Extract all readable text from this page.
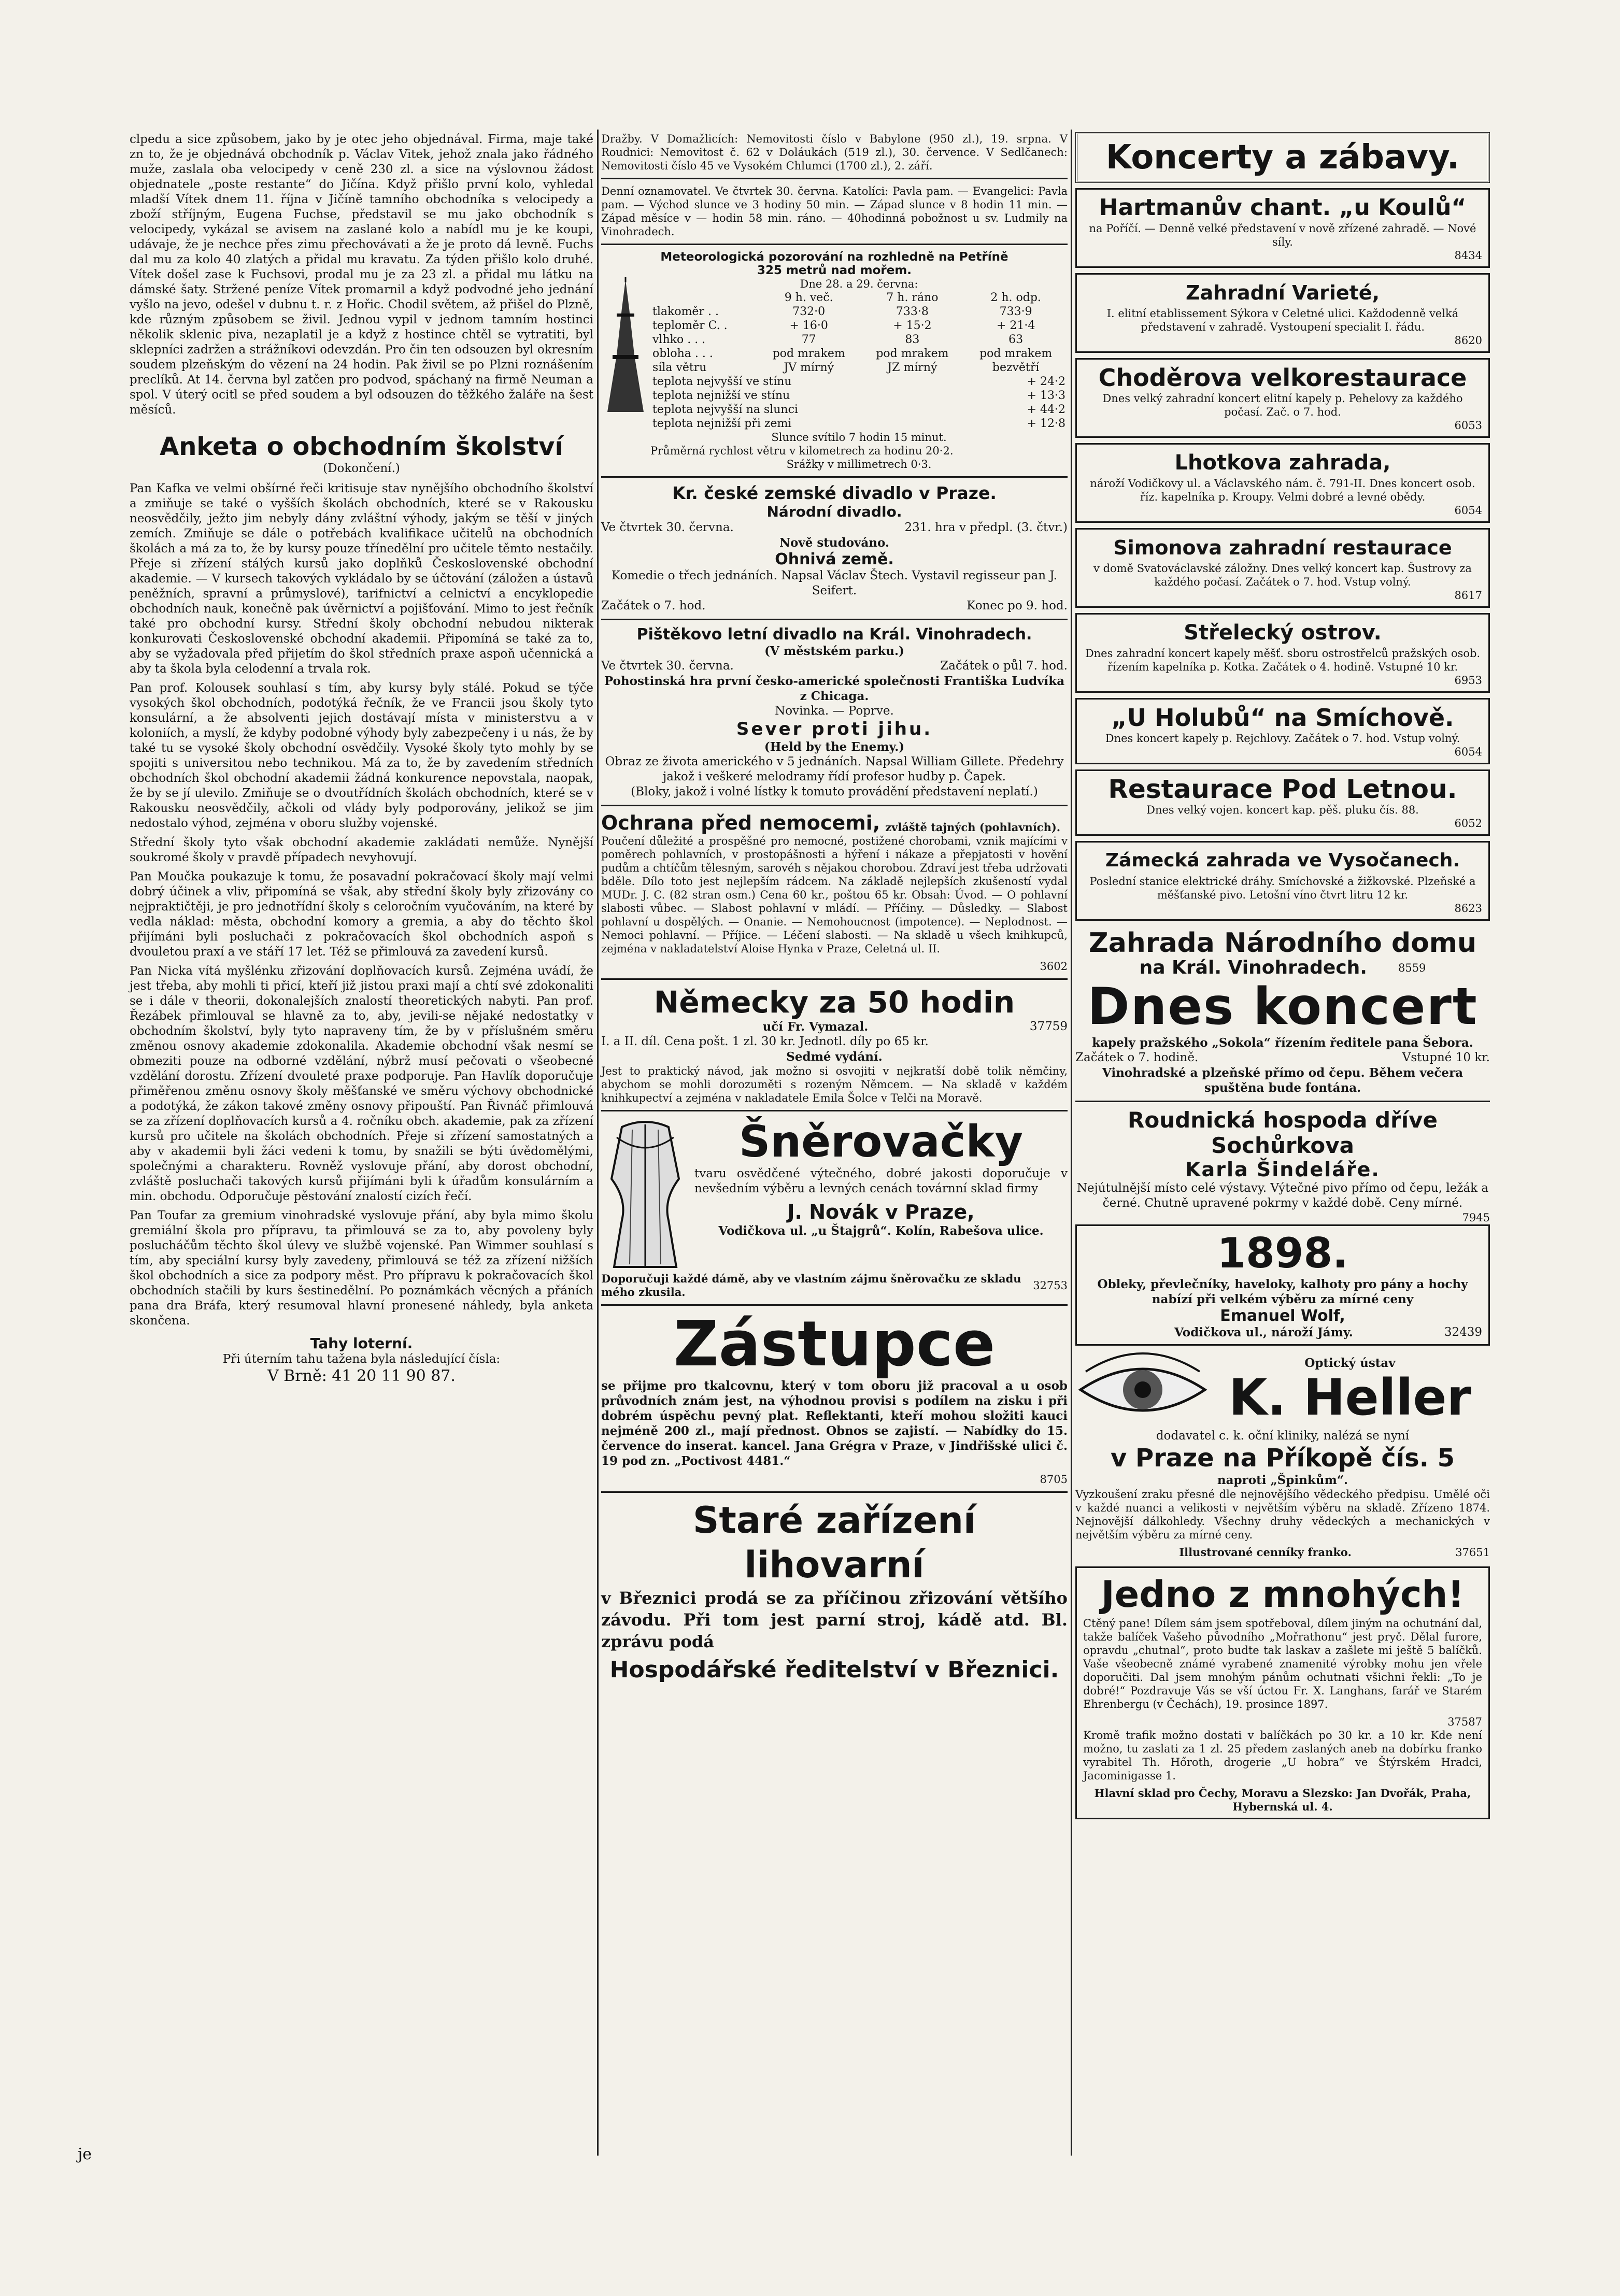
clpedu a sice způsobem, jako by je otec jeho objednával. Firma, maje také zn to, že je objednává obchodník p. Václav Vitek, jehož znala jako řádného muže, zaslala oba velocipedy v ceně 230 zl. a sice na výslovnou žádost objednatele „poste restante“ do Jičína. Když přišlo první kolo, vyhledal mladší Vítek dnem 11. října v Jičíně tamního obchodníka s velocipedy a zboží stříjným, Eugena Fuchse, představil se mu jako obchodník s velocipedy, vykázal se avisem na zaslané kolo a nabídl mu je ke koupi, udávaje, že je nechce přes zimu přechovávati a že je proto dá levně. Fuchs dal mu za kolo 40 zlatých a přidal mu kravatu. Za týden přišlo kolo druhé. Vítek došel zase k Fuchsovi, prodal mu je za 23 zl. a přidal mu látku na dámské šaty. Stržené peníze Vítek promarnil a když podvodné jeho jednání vyšlo na jevo, odešel v dubnu t. r. z Hořic. Chodil světem, až přišel do Plzně, kde různým způsobem se živil. Jednou vypil v jednom tamním hostinci několik sklenic piva, nezaplatil je a když z hostince chtěl se vytratiti, byl sklepníci zadržen a strážníkovi odevzdán. Pro čin ten odsouzen byl okresním soudem plzeňským do vězení na 24 hodin. Pak živil se po Plzni roznášením preclíků. At 14. června byl zatčen pro podvod, spáchaný na firmě Neuman a spol. V úterý ocitl se před soudem a byl odsouzen do těžkého žaláře na šest měsíců.

Anketa o obchodním školství
(Dokončení.)

Pan Kafka ve velmi obšírné řeči kritisuje stav nynějšího obchodního školství a zmiňuje se také o vyšších školách obchodních, které se v Rakousku neosvědčily, ježto jim nebyly dány zvláštní výhody, jakým se těší v jiných zemích. Zmiňuje se dále o potřebách kvalifikace učitelů na obchodních školách a má za to, že by kursy pouze třínedělní pro učitele těmto nestačily. Přeje si zřízení stálých kursů jako doplňků Československé obchodní akademie. — V kursech takových vykládalo by se účtování (záložen a ústavů peněžních, spravní a průmyslové), tarifnictví a celnictví a encyklopedie obchodních nauk, konečně pak úvěrnictví a pojišťování. Mimo to jest řečník také pro obchodní kursy. Střední školy obchodní nebudou nikterak konkurovati Československé obchodní akademii. Připomíná se také za to, aby se vyžadovala před přijetím do škol středních praxe aspoň učennická a aby ta škola byla celodenní a trvala rok.

Pan prof. Kolousek souhlasí s tím, aby kursy byly stálé. Pokud se týče vysokých škol obchodních, podotýká řečník, že ve Francii jsou školy tyto konsulární, a že absolventi jejich dostávají místa v ministerstvu a v koloniích, a myslí, že kdyby podobné výhody byly zabezpečeny i u nás, že by také tu se vysoké školy obchodní osvědčily. Vysoké školy tyto mohly by se spojiti s universitou nebo technikou. Má za to, že by zavedením středních obchodních škol obchodní akademii žádná konkurence nepovstala, naopak, že by se jí ulevilo. Zmiňuje se o dvoutřídních školách obchodních, které se v Rakousku neosvědčily, ačkoli od vlády byly podporovány, jelikož se jim nedostalo výhod, zejména v oboru služby vojenské.

Střední školy tyto však obchodní akademie zakládati nemůže. Nynější soukromé školy v pravdě případech nevyhovují.

Pan Moučka poukazuje k tomu, že posavadní pokračovací školy mají velmi dobrý účinek a vliv, připomíná se však, aby střední školy byly zřizovány co nejpraktičtěji, je pro jednotřídní školy s celoročním vyučováním, na které by vedla náklad: města, obchodní komory a gremia, a aby do těchto škol přijímáni byli posluchači z pokračovacích škol obchodních aspoň s dvouletou praxí a ve stáří 17 let. Též se přimlouvá za zavedení kursů.

Pan Nicka vítá myšlénku zřizování doplňovacích kursů. Zejména uvádí, že jest třeba, aby mohli ti přicí, kteří již jistou praxi mají a chtí své zdokonaliti se i dále v theorii, dokonalejších znalostí theoretických nabyti. Pan prof. Řezábek přimlouval se hlavně za to, aby, jevili-se nějaké nedostatky v obchodním školství, byly tyto napraveny tím, že by v příslušném směru změnou osnovy akademie zdokonalila. Akademie obchodní však nesmí se obmeziti pouze na odborné vzdělání, nýbrž musí pečovati o všeobecné vzdělání dorostu. Zřízení dvouleté praxe podporuje. Pan Havlík doporučuje přiměřenou změnu osnovy školy měšťanské ve směru výchovy obchodnické a podotýká, že zákon takové změny osnovy připouští. Pan Řivnáč přimlouvá se za zřízení doplňovacích kursů a 4. ročníku obch. akademie, pak za zřízení kursů pro učitele na školách obchodních. Přeje si zřízení samostatných a aby v akademii byli žáci vedeni k tomu, by snažili se býti úvědomělými, společnými a charakteru. Rovněž vyslovuje přání, aby dorost obchodní, zvláště posluchači takových kursů přijímáni byli k úřadům konsulárním a min. obchodu. Odporučuje pěstování znalostí cizích řečí.

Pan Toufar za gremium vinohradské vyslovuje přání, aby byla mimo školu gremiální škola pro přípravu, ta přimlouvá se za to, aby povoleny byly poslucháčům těchto škol úlevy ve službě vojenské. Pan Wimmer souhlasí s tím, aby speciální kursy byly zavedeny, přimlouvá se též za zřízení nižších škol obchodních a sice za podpory měst. Pro přípravu k pokračovacích škol obchodních stačili by kurs šestinedělní. Po poznámkách věcných a přáních pana dra Bráfa, který resumoval hlavní pronesené náhledy, byla anketa skončena.

Tahy loterní.
Při úterním tahu tažena byla následující čísla:
V Brně: 41 20 11 90 87.
je

Dražby. V Domažlicích: Nemovitosti číslo v Babylone (950 zl.), 19. srpna. V Roudnici: Nemovitost č. 62 v Doláukách (519 zl.), 30. července. V Sedlčanech: Nemovitosti číslo 45 ve Vysokém Chlumci (1700 zl.), 2. září.

Denní oznamovatel. Ve čtvrtek 30. června. Katolíci: Pavla pam. — Evangelici: Pavla pam. — Východ slunce ve 3 hodiny 50 min. — Západ slunce v 8 hodin 11 min. — Západ měsíce v — hodin 58 min. ráno. — 40hodinná pobožnost u sv. Ludmily na Vinohradech.

Meteorologická pozorování na rozhledně na Petříně
325 metrů nad mořem.
Dne 28. a 29. června:
	9 h. več.	7 h. ráno	2 h. odp.
tlakoměr . .	732·0	733·8	733·9
teploměr C. .	+ 16·0	+ 15·2	+ 21·4
vlhko . . .	77	83	63
obloha . . .	pod mrakem	pod mrakem	pod mrakem
síla větru	JV mírný	JZ mírný	bezvětří
teplota nejvyšší ve stínu			+ 24·2
teplota nejnižší ve stínu			+ 13·3
teplota nejvyšší na slunci			+ 44·2
teplota nejnižší při zemi			+ 12·8
Slunce svítilo 7 hodin 15 minut.
Průměrná rychlost větru v kilometrech za hodinu 20·2.
Srážky v millimetrech 0·3.
Kr. české zemské divadlo v Praze.
Národní divadlo.
Ve čtvrtek 30. června.	231. hra v předpl. (3. čtvr.)
Nově studováno.
Ohnivá země.
Komedie o třech jednáních. Napsal Václav Štech. Vystavil regisseur pan J. Seifert.
Začátek o 7. hod.	Konec po 9. hod.
Pištěkovo letní divadlo na Král. Vinohradech.
(V městském parku.)
Ve čtvrtek 30. června.	Začátek o půl 7. hod.
Pohostinská hra první česko-americké společnosti Františka Ludvíka z Chicaga.
Novinka. — Poprve.
Sever proti jihu.
(Held by the Enemy.)
Obraz ze života amerického v 5 jednáních. Napsal William Gillete. Předehry jakož i veškeré melodramy řídí profesor hudby p. Čapek.
(Bloky, jakož i volné lístky k tomuto provádění představení neplatí.)
Ochrana před nemocemi, zvláště tajných (pohlavních).

Poučení důležité a prospěšné pro nemocné, postižené chorobami, vznik majícími v poměrech pohlavních, v prostopášnosti a hýření i nákaze a přepjatosti v hovění pudům a chtíčům tělesným, sarovéh s nějakou chorobou. Zdraví jest třeba udržovati bděle. Dílo toto jest nejlepším rádcem. Na základě nejlepších zkušeností vydal MUDr. J. C. (82 stran osm.) Cena 60 kr., poštou 65 kr. Obsah: Úvod. — O pohlavní slabosti vůbec. — Slabost pohlavní v mládí. — Příčiny. — Důsledky. — Slabost pohlavní u dospělých. — Onanie. — Nemohoucnost (impotence). — Neplodnost. — Nemoci pohlavní. — Příjice. — Léčení slabosti. — Na skladě u všech knihkupců, zejména v nakladatelství Aloise Hynka v Praze, Celetná ul. II.

3602
Německy za 50 hodin
učí Fr. Vymazal.	37759
I. a II. díl. Cena pošt. 1 zl. 30 kr. Jednotl. díly po 65 kr.
Sedmé vydání.

Jest to praktický návod, jak možno si osvojiti v nejkratší době tolik němčiny, abychom se mohli dorozuměti s rozeným Němcem. — Na skladě v každém knihkupectví a zejména v nakladatele Emila Šolce v Telči na Moravě.

Šněrovačky

tvaru osvědčené výtečného, dobré jakosti doporučuje v nevšedním výběru a levných cenách továrnní sklad firmy

J. Novák v Praze,
Vodičkova ul. „u Štajgrů“. Kolín, Rabešova ulice.
Doporučuji každé dámě, aby ve vlastním zájmu šněrovačku ze skladu mého zkusila.	32753
Zástupce

se přijme pro tkalcovnu, který v tom oboru již pracoval a u osob průvodních znám jest, na výhodnou provisi s podílem na zisku i při dobrém úspěchu pevný plat. Reflektanti, kteří mohou složiti kauci nejméně 200 zl., mají přednost. Obnos se zajistí. — Nabídky do 15. července do inserat. kancel. Jana Grégra v Praze, v Jindřišské ulici č. 19 pod zn. „Poctivost 4481.“

8705
Staré zařízení lihovarní

v Březnici prodá se za příčinou zřizování většího závodu. Při tom jest parní stroj, kádě atd. Bl. zprávu podá

Hospodářské ředitelství v Březnici.
Koncerty a zábavy.
Hartmanův chant. „u Koulů“
na Poříčí. — Denně velké představení v nově zřízené zahradě. — Nové síly.
8434
Zahradní Varieté,
I. elitní etablissement Sýkora v Celetné ulici. Každodenně velká představení v zahradě. Vystoupení specialit I. řádu.
8620
Choděrova velkorestaurace
Dnes velký zahradní koncert elitní kapely p. Pehelovy za každého počasí. Zač. o 7. hod.
6053
Lhotkova zahrada,
nároží Vodičkovy ul. a Václavského nám. č. 791-II. Dnes koncert osob. říz. kapelníka p. Kroupy. Velmi dobré a levné obědy.
6054
Simonova zahradní restaurace
v domě Svatováclavské záložny. Dnes velký koncert kap. Šustrovy za každého počasí. Začátek o 7. hod. Vstup volný.
8617
Střelecký ostrov.
Dnes zahradní koncert kapely měšť. sboru ostrostřelců pražských osob. řízením kapelníka p. Kotka. Začátek o 4. hodině. Vstupné 10 kr.
6953
„U Holubů“ na Smíchově.
Dnes koncert kapely p. Rejchlovy. Začátek o 7. hod. Vstup volný.
6054
Restaurace Pod Letnou.
Dnes velký vojen. koncert kap. pěš. pluku čís. 88.
6052
Zámecká zahrada ve Vysočanech.
Poslední stanice elektrické dráhy. Smíchovské a žižkovské. Plzeňské a měšťanské pivo. Letošní víno čtvrt litru 12 kr.
8623
Zahrada Národního domu
na Král. Vinohradech.	8559
Dnes koncert
kapely pražského „Sokola“ řízením ředitele pana Šebora.
Začátek o 7. hodině.	Vstupné 10 kr.
Vinohradské a plzeňské přímo od čepu. Během večera spuštěna bude fontána.
Roudnická hospoda dříve Sochůrkova
Karla Šindeláře.
Nejútulnější místo celé výstavy. Výtečné pivo přímo od čepu, ležák a černé. Chutně upravené pokrmy v každé době. Ceny mírné.
7945
1898.
Obleky, převlečníky, haveloky, kalhoty pro pány a hochy nabízí při velkém výběru za mírné ceny
Emanuel Wolf,
Vodičkova ul., nároží Jámy.	32439
Optický ústav
K. Heller
dodavatel c. k. oční kliniky, nalézá se nyní
v Praze na Příkopě čís. 5
naproti „Špinkům“.

Vyzkoušení zraku přesné dle nejnovějšího vědeckého předpisu. Umělé oči v každé nuanci a velikosti v největším výběru na skladě. Zřízeno 1874. Nejnovější dálkohledy. Všechny druhy vědeckých a mechanických v největším výběru za mírné ceny.

Illustrované cenníky franko.	37651
Jedno z mnohých!

Ctěný pane! Dílem sám jsem spotřeboval, dílem jiným na ochutnání dal, takže balíček Vašeho původního „Mořrathonu“ jest pryč. Dělal furore, opravdu „chutnal“, proto budte tak laskav a zašlete mi ještě 5 balíčků. Vaše všeobecně známé vyrabené znamenité výrobky mohu jen vřele doporučiti. Dal jsem mnohým pánům ochutnati všichni řekli: „To je dobré!“ Pozdravuje Vás se vší úctou Fr. X. Langhans, farář ve Starém Ehrenbergu (v Čechách), 19. prosince 1897.

37587

Kromě trafik možno dostati v balíčkách po 30 kr. a 10 kr. Kde není možno, tu zaslati za 1 zl. 25 předem zaslaných aneb na dobírku franko vyrabitel Th. Hőroth, drogerie „U hobra“ ve Štýrském Hradci, Jacominigasse 1.

Hlavní sklad pro Čechy, Moravu a Slezsko: Jan Dvořák, Praha, Hybernská ul. 4.
